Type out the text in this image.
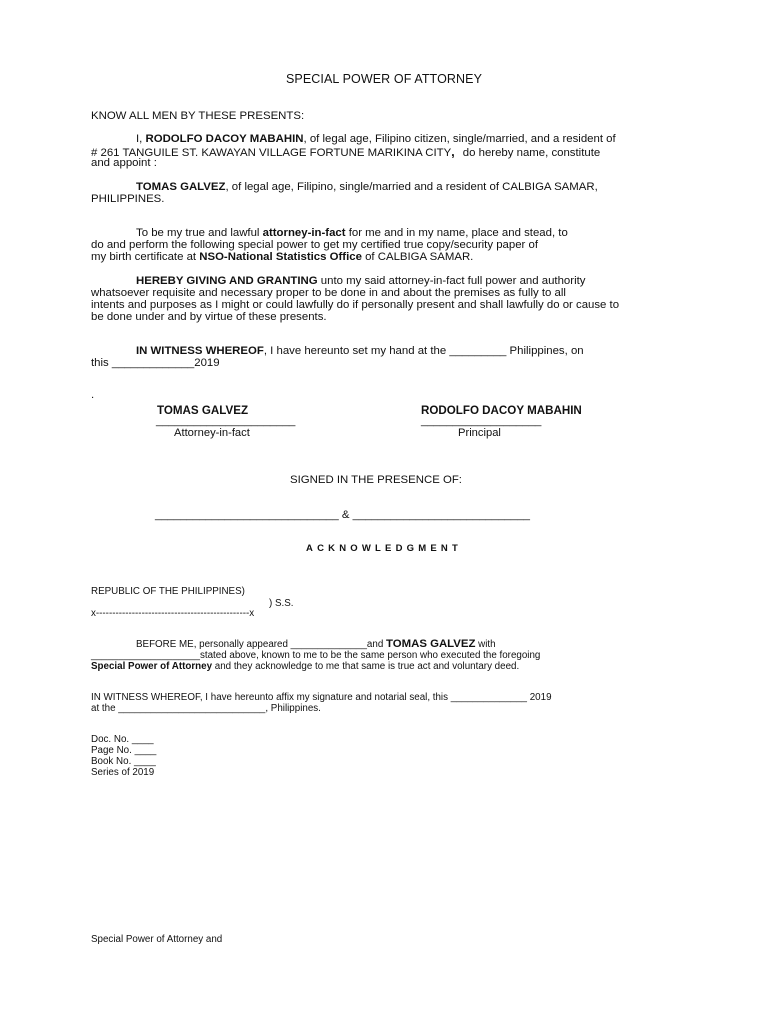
SPECIAL POWER OF ATTORNEY
KNOW ALL MEN BY THESE PRESENTS:
I, RODOLFO DACOY MABAHIN, of legal age, Filipino citizen, single/married, and a resident of
# 261 TANGUILE ST. KAWAYAN VILLAGE FORTUNE MARIKINA CITY, do hereby name, constitute
and appoint :
TOMAS GALVEZ, of legal age, Filipino, single/married and a resident of CALBIGA SAMAR,
PHILIPPINES.
To be my true and lawful attorney-in-fact for me and in my name, place and stead, to
do and perform the following special power to get my certified true copy/security paper of
my birth certificate at NSO-National Statistics Office of CALBIGA SAMAR.
HEREBY GIVING AND GRANTING unto my said attorney-in-fact full power and authority
whatsoever requisite and necessary proper to be done in and about the premises as fully to all
intents and purposes as I might or could lawfully do if personally present and shall lawfully do or cause to
be done under and by virtue of these presents.
IN WITNESS WHEREOF, I have hereunto set my hand at the _________ Philippines, on
this _____________2019
.
TOMAS GALVEZ
______________________
Attorney-in-fact
RODOLFO DACOY MABAHIN
___________________
Principal
SIGNED IN THE PRESENCE OF:
_____________________________ & ____________________________
ACKNOWLEDGMENT
REPUBLIC OF THE PHILIPPINES)
) S.S.
x-----------------------------------------------x
BEFORE ME, personally appeared ______________and TOMAS GALVEZ with
____________________stated above, known to me to be the same person who executed the foregoing
Special Power of Attorney and they acknowledge to me that same is true act and voluntary deed.
IN WITNESS WHEREOF, I have hereunto affix my signature and notarial seal, this ______________ 2019
at the ___________________________, Philippines.
Doc. No. ____
Page No. ____
Book No. ____
Series of 2019
Special Power of Attorney and
